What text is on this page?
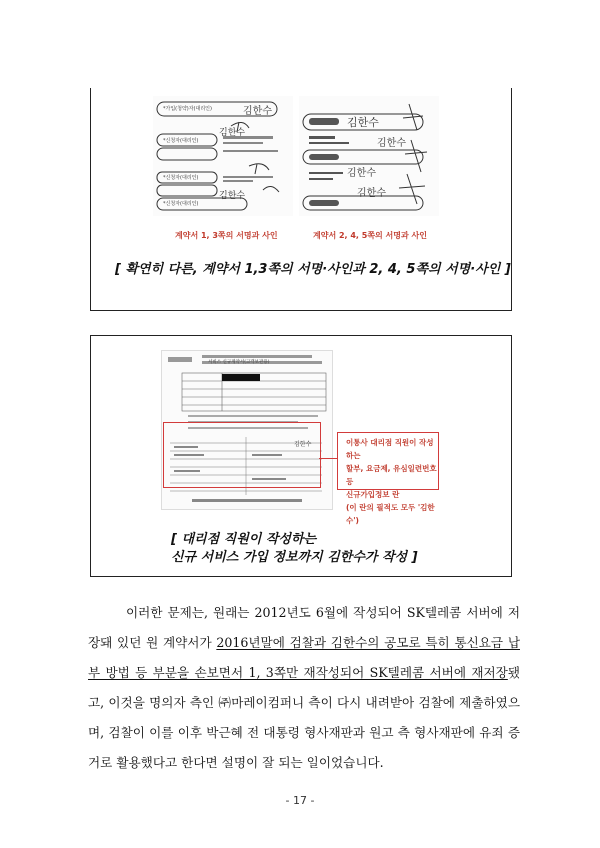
*가입(청약)자(대리인)
*신청자(대리인)
*신청자(대리인)
*신청자(대리인)
김한수
김한수
김한수
김한수
김한수
김한수
김한수
계약서 1, 3쪽의 서명과 사인	계약서 2, 4, 5쪽의 서명과 사인
[ 확연히 다른, 계약서 1,3쪽의 서명·사인과 2, 4, 5쪽의 서명·사인 ]
서비스 신규계약서(고객보관용)
김한수	이통사 대리점 직원이 작성하는
할부, 요금제, 유심일련번호 등
신규가입정보 란
(이 란의 필적도 모두 '김한수')
[ 대리점 직원이 작성하는
신규 서비스 가입 정보까지 김한수가 작성 ]

이러한 문제는, 원래는 2012년도 6월에 작성되어 SK텔레콤 서버에 저장돼 있던 원 계약서가 2016년말에 검찰과 김한수의 공모로 특히 통신요금 납부 방법 등 부분을 손보면서 1, 3쪽만 재작성되어 SK텔레콤 서버에 재저장됐고, 이것을 명의자 측인 ㈜마레이컴퍼니 측이 다시 내려받아 검찰에 제출하였으며, 검찰이 이를 이후 박근혜 전 대통령 형사재판과 원고 측 형사재판에 유죄 증거로 활용했다고 한다면 설명이 잘 되는 일이었습니다.

- 17 -
